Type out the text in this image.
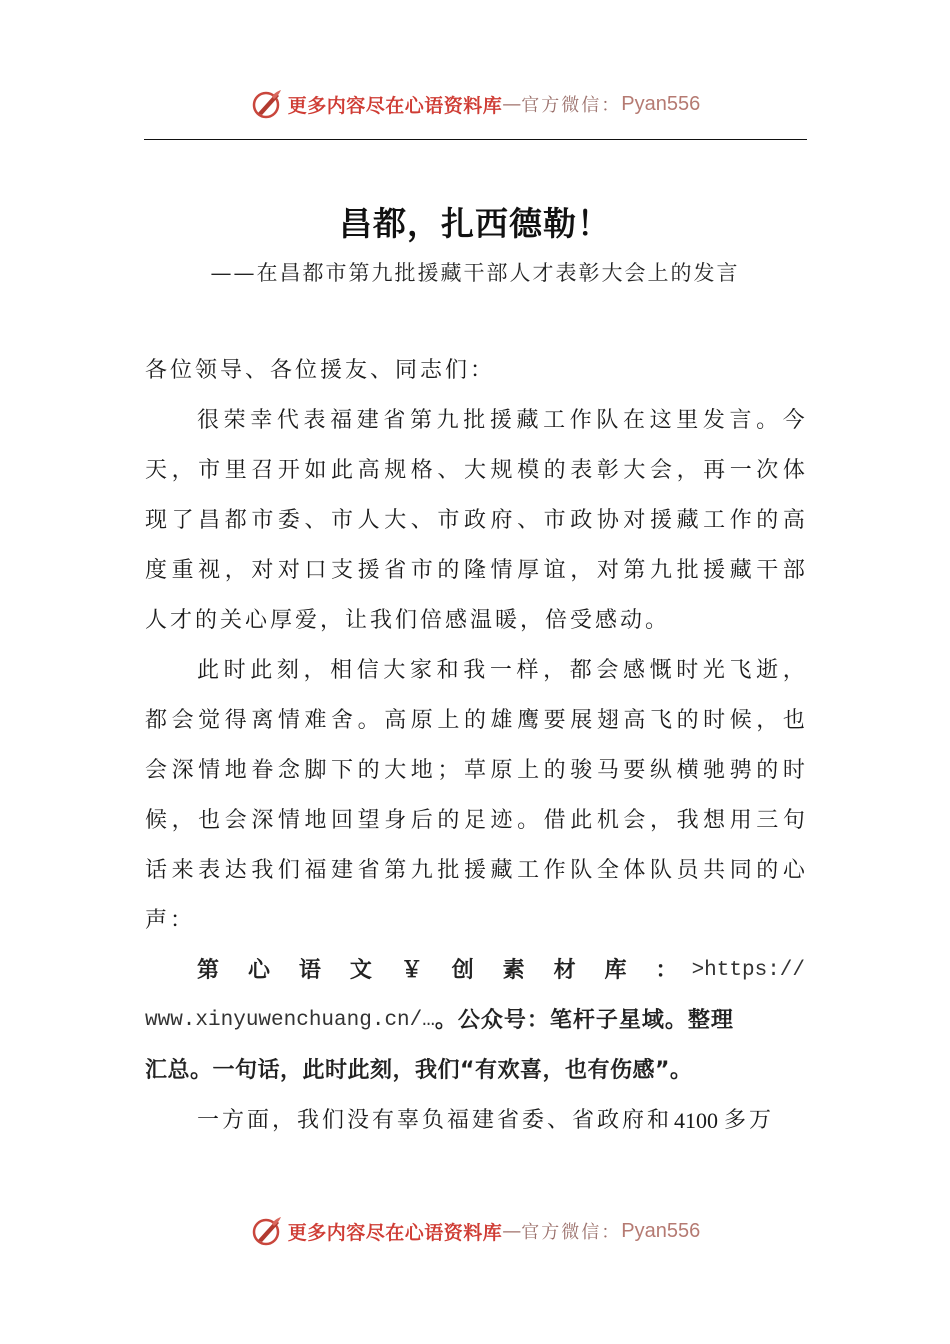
更多内容尽在心语资料库 — 官方微信： Pyan556
昌都，扎西德勒！
——在昌都市第九批援藏干部人才表彰大会上的发言
各位领导、各位援友、同志们：
很 荣 幸 代 表 福 建 省 第 九 批 援 藏 工 作 队 在 这 里 发 言 。 今
天 ， 市 里 召 开 如 此 高 规 格 、 大 规 模 的 表 彰 大 会 ， 再 一 次 体
现 了 昌 都 市 委 、 市 人 大 、 市 政 府 、 市 政 协 对 援 藏 工 作 的 高
度 重 视 ， 对 对 口 支 援 省 市 的 隆 情 厚 谊 ， 对 第 九 批 援 藏 干 部
人才的关心厚爱，让我们倍感温暖，倍受感动。
此 时 此 刻 ， 相 信 大 家 和 我 一 样 ， 都 会 感 慨 时 光 飞 逝 ，
都 会 觉 得 离 情 难 舍 。 高 原 上 的 雄 鹰 要 展 翅 高 飞 的 时 候 ， 也
会 深 情 地 眷 念 脚 下 的 大 地 ； 草 原 上 的 骏 马 要 纵 横 驰 骋 的 时
候 ， 也 会 深 情 地 回 望 身 后 的 足 迹 。 借 此 机 会 ， 我 想 用 三 句
话 来 表 达 我 们 福 建 省 第 九 批 援 藏 工 作 队 全 体 队 员 共 同 的 心
声：
第 心 语 文 ￥ 创 素 材 库 ： >https://
www.xinyuwenchuang.cn/… 。公众号：笔杆子星域。整理
汇总。一句话，此时此刻，我们“有欢喜，也有伤感”。
一方面，我们没有辜负福建省委、省政府和 4100 多万
更多内容尽在心语资料库 — 官方微信： Pyan556
